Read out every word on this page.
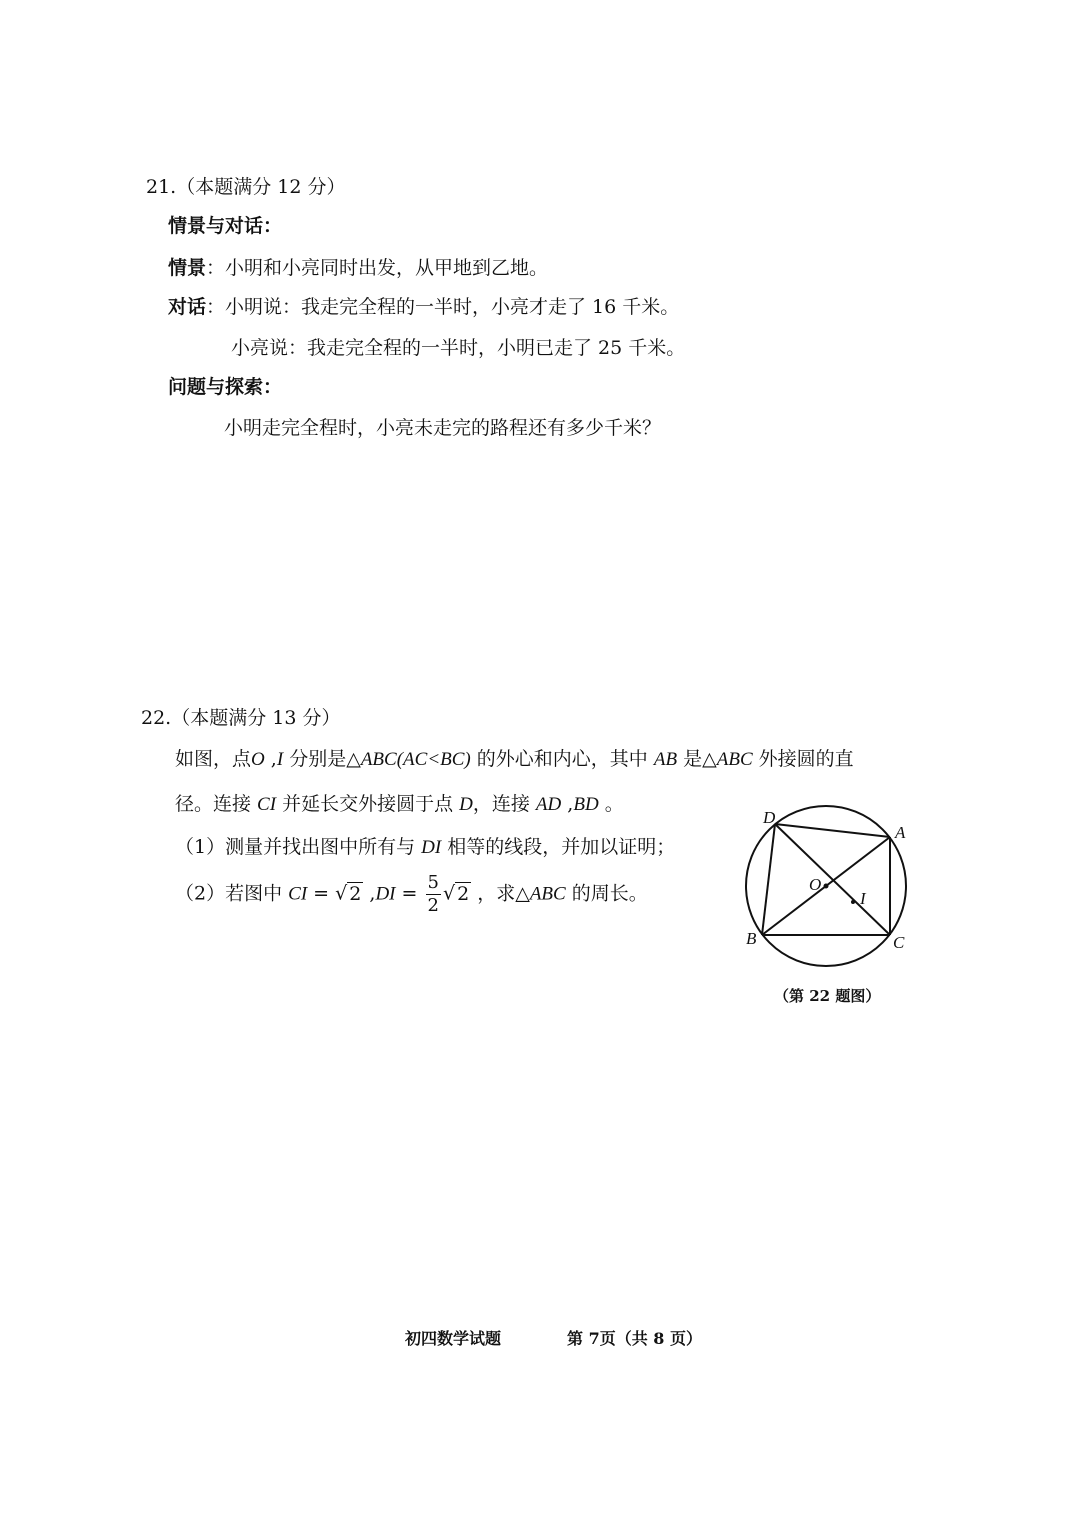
21.（本题满分 12 分）
情景与对话：
情景：小明和小亮同时出发，从甲地到乙地。
对话：小明说：我走完全程的一半时，小亮才走了 16 千米。
小亮说：我走完全程的一半时，小明已走了 25 千米。
问题与探索：
小明走完全程时，小亮未走完的路程还有多少千米？
22.（本题满分 13 分）
如图，点O ,I 分别是△ABC(AC<BC) 的外心和内心，其中 AB 是△ABC 外接圆的直
径。连接 CI 并延长交外接圆于点 D，连接 AD ,BD 。
（1）测量并找出图中所有与 DI 相等的线段，并加以证明；
（2）若图中 CI = √ 2 $,DI = \frac{5}{2}$ √ 2 ，求△ABC 的周长。
D
A
O
I
B	C
（第 22 题图）
初四数学试题	第 7页（共 8 页）
